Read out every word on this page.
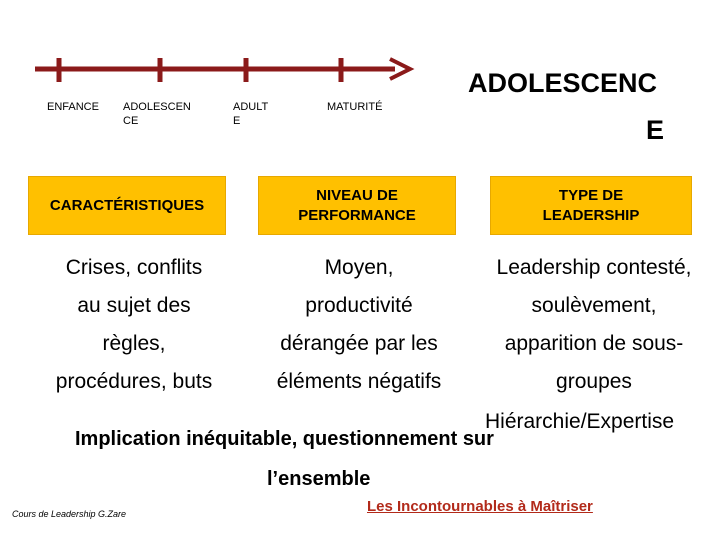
ENFANCE ADOLESCEN
CE
ADULT
E
MATURITÉ
ADOLESCENC
E
CARACTÉRISTIQUES
NIVEAU DE
PERFORMANCE
TYPE DE
LEADERSHIP
Crises, conflits
au sujet des
règles,
procédures, buts
Moyen,
productivité
dérangée par les
éléments négatifs
Leadership contesté,
soulèvement,
apparition de sous-
groupes
Hiérarchie/Expertise
Implication inéquitable, questionnement sur
l’ensemble
Cours de Leadership G.Zare	Les Incontournables à Maîtriser
